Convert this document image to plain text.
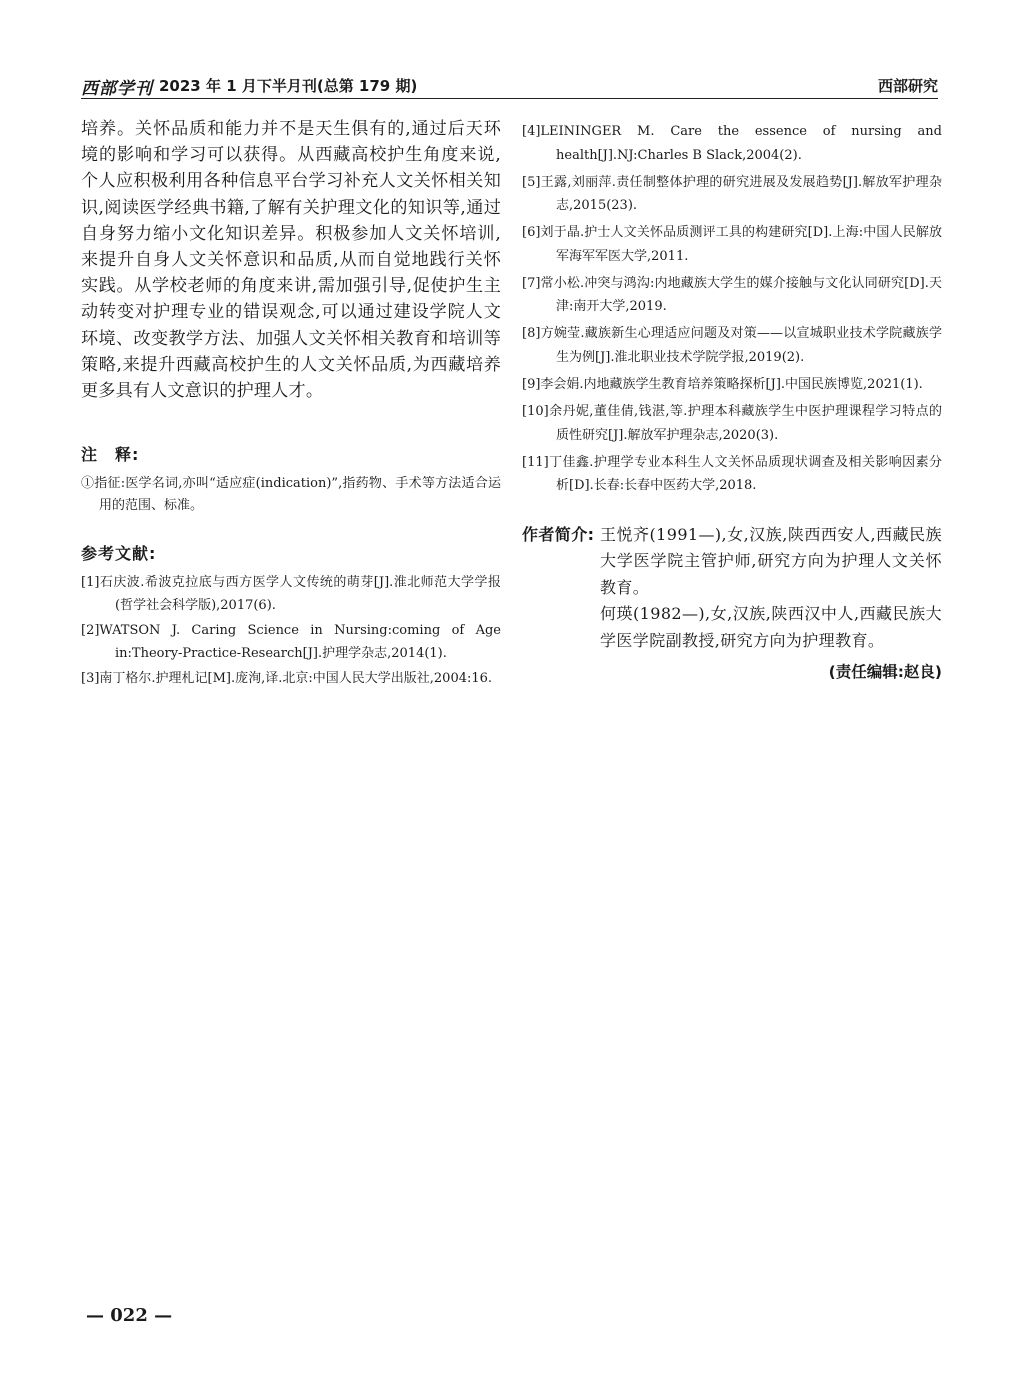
西部学刊 2023 年 1 月下半月刊(总第 179 期)	西部研究

培养。关怀品质和能力并不是天生俱有的,通过后天环境的影响和学习可以获得。从西藏高校护生角度来说,个人应积极利用各种信息平台学习补充人文关怀相关知识,阅读医学经典书籍,了解有关护理文化的知识等,通过自身努力缩小文化知识差异。积极参加人文关怀培训,来提升自身人文关怀意识和品质,从而自觉地践行关怀实践。从学校老师的角度来讲,需加强引导,促使护生主动转变对护理专业的错误观念,可以通过建设学院人文环境、改变教学方法、加强人文关怀相关教育和培训等策略,来提升西藏高校护生的人文关怀品质,为西藏培养更多具有人文意识的护理人才。

注　释:
①指征:医学名词,亦叫“适应症(indication)”,指药物、手术等方法适合运用的范围、标准。
参考文献:

[1]石庆波.希波克拉底与西方医学人文传统的萌芽[J].淮北师范大学学报(哲学社会科学版),2017(6).

[2]WATSON J. Caring Science in Nursing:coming of Age in:Theory-Practice-Research[J].护理学杂志,2014(1).

[3]南丁格尔.护理札记[M].庞洵,译.北京:中国人民大学出版社,2004:16.

[4]LEININGER M. Care the essence of nursing and health[J].NJ:Charles B Slack,2004(2).

[5]王露,刘丽萍.责任制整体护理的研究进展及发展趋势[J].解放军护理杂志,2015(23).

[6]刘于晶.护士人文关怀品质测评工具的构建研究[D].上海:中国人民解放军海军军医大学,2011.

[7]常小松.冲突与鸿沟:内地藏族大学生的媒介接触与文化认同研究[D].天津:南开大学,2019.

[8]方婉莹.藏族新生心理适应问题及对策——以宣城职业技术学院藏族学生为例[J].淮北职业技术学院学报,2019(2).

[9]李会娟.内地藏族学生教育培养策略探析[J].中国民族博览,2021(1).

[10]余丹妮,董佳倩,钱湛,等.护理本科藏族学生中医护理课程学习特点的质性研究[J].解放军护理杂志,2020(3).

[11]丁佳鑫.护理学专业本科生人文关怀品质现状调查及相关影响因素分析[D].长春:长春中医药大学,2018.

作者简介: 王悦齐(1991—),女,汉族,陕西西安人,西藏民族大学医学院主管护师,研究方向为护理人文关怀教育。

何瑛(1982—),女,汉族,陕西汉中人,西藏民族大学医学院副教授,研究方向为护理教育。

(责任编辑:赵良)
— 022 —
